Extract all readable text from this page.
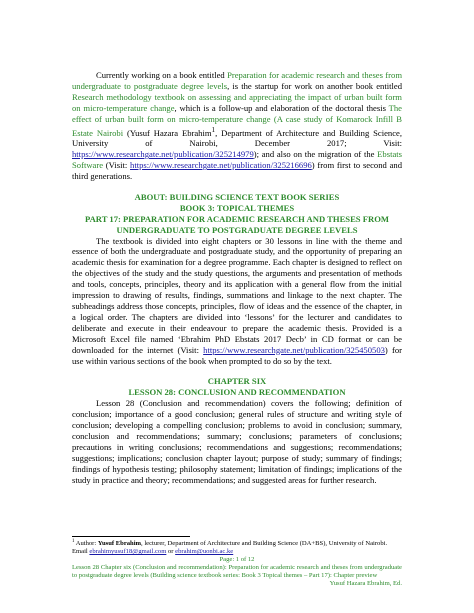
Currently working on a book entitled Preparation for academic research and theses from undergraduate to postgraduate degree levels, is the startup for work on another book entitled Research methodology textbook on assessing and appreciating the impact of urban built form on micro-temperature change, which is a follow-up and elaboration of the doctoral thesis The effect of urban built form on micro-temperature change (A case study of Komarock Infill B Estate Nairobi (Yusuf Hazara Ebrahim$^1$, Department of Architecture and Building Science, University of Nairobi, December 2017; Visit: https://www.researchgate.net/publication/325214979); and also on the migration of the Ebstats Software (Visit: https://www.researchgate.net/publication/325216696) from first to second and third generations.

ABOUT: BUILDING SCIENCE TEXT BOOK SERIES

BOOK 3: TOPICAL THEMES

PART 17: PREPARATION FOR ACADEMIC RESEARCH AND THESES FROM UNDERGRADUATE TO POSTGRADUATE DEGREE LEVELS

The textbook is divided into eight chapters or 30 lessons in line with the theme and essence of both the undergraduate and postgraduate study, and the opportunity of preparing an academic thesis for examination for a degree programme. Each chapter is designed to reflect on the objectives of the study and the study questions, the arguments and presentation of methods and tools, concepts, principles, theory and its application with a general flow from the initial impression to drawing of results, findings, summations and linkage to the next chapter. The subheadings address those concepts, principles, flow of ideas and the essence of the chapter, in a logical order. The chapters are divided into ‘lessons’ for the lecturer and candidates to deliberate and execute in their endeavour to prepare the academic thesis. Provided is a Microsoft Excel file named ‘Ebrahim PhD Ebstats 2017 Decb’ in CD format or can be downloaded for the internet (Visit: https://www.researchgate.net/publication/325450503) for use within various sections of the book when prompted to do so by the text.

CHAPTER SIX

LESSON 28: CONCLUSION AND RECOMMENDATION

Lesson 28 (Conclusion and recommendation) covers the following; definition of conclusion; importance of a good conclusion; general rules of structure and writing style of conclusion; developing a compelling conclusion; problems to avoid in conclusion; summary, conclusion and recommendations; summary; conclusions; parameters of conclusions; precautions in writing conclusions; recommendations and suggestions; recommendations; suggestions; implications; conclusion chapter layout; purpose of study; summary of findings; findings of hypothesis testing; philosophy statement; limitation of findings; implications of the study in practice and theory; recommendations; and suggested areas for further research.

$^1$ Author: Yusuf Ebrahim, lecturer, Department of Architecture and Building Science (DA+BS), University of Nairobi. Email ebrahimyusuf18@gmail.com or ebrahim@uonbi.ac.ke

Page: 1 of 12

Lesson 28 Chapter six (Conclusion and recommendation): Preparation for academic research and theses from undergraduate to postgraduate degree levels (Building science textbook series: Book 3 Topical themes – Part 17): Chapter preview
Yusuf Hazara Ebrahim, Ed.
